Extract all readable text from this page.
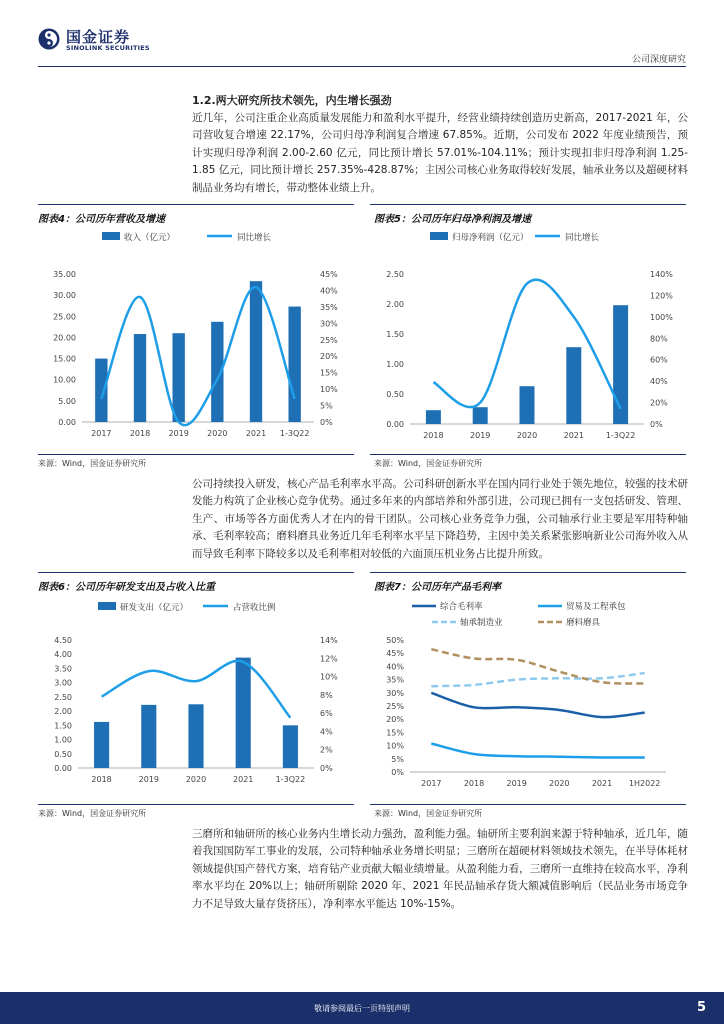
国金证券
SINOLINK SECURITIES
公司深度研究
1.2.两大研究所技术领先，内生增长强劲
近几年，公司注重企业高质量发展能力和盈利水平提升，经营业绩持续创造历史新高，2017-2021 年，公司营收复合增速 22.17%，公司归母净利润复合增速 67.85%。近期，公司发布 2022 年度业绩预告，预计实现归母净利润 2.00-2.60 亿元，同比预计增长 57.01%-104.11%；预计实现扣非归母净利润 1.25-1.85 亿元，同比预计增长 257.35%-428.87%；主因公司核心业务取得较好发展，轴承业务以及超硬材料制品业务均有增长，带动整体业绩上升。
图表4：公司历年营收及增速
收入（亿元）	同比增长
35.00
30.00
25.00
20.00
15.00
10.00
5.00
0.00
45%
40%
35%
30%
25%
20%
15%
10%
5%
0%
2017 2018 2019 2020 2021 1-3Q22
来源：Wind，国金证券研究所
图表5：公司历年归母净利润及增速
归母净利润（亿元）	同比增长
2.50
2.00
1.50
1.00
0.50
0.00
140%
120%
100%
80%
60%
40%
20%
0%
2018	2019	2020	2021	1-3Q22
来源：Wind，国金证券研究所
公司持续投入研发，核心产品毛利率水平高。公司科研创新水平在国内同行业处于领先地位，较强的技术研发能力构筑了企业核心竞争优势。通过多年来的内部培养和外部引进，公司现已拥有一支包括研发、管理、生产、市场等各方面优秀人才在内的骨干团队。公司核心业务竞争力强，公司轴承行业主要是军用特种轴承、毛利率较高；磨料磨具业务近几年毛利率水平呈下降趋势，主因中美关系紧张影响新业公司海外收入从而导致毛利率下降较多以及毛利率相对较低的六面顶压机业务占比提升所致。
图表6：公司历年研发支出及占收入比重
研发支出（亿元）	占营收比例
4.50
4.00
3.50
3.00
2.50
2.00
1.50
1.00
0.50
0.00
14%
12%
10%
8%
6%
4%
2%
0%
2018	2019	2020	2021	1-3Q22
来源：Wind，国金证券研究所
图表7：公司历年产品毛利率
综合毛利率	贸易及工程承包
轴承制造业	磨料磨具
50%
45%
40%
35%
30%
25%
20%
15%
10%
5%
0%
2017	2018	2019	2020	2021 1H2022
来源：Wind，国金证券研究所
三磨所和轴研所的核心业务内生增长动力强劲，盈利能力强。轴研所主要利润来源于特种轴承，近几年，随着我国国防军工事业的发展，公司特种轴承业务增长明显；三磨所在超硬材料领域技术领先，在半导体耗材领域提供国产替代方案，培育钻产业贡献大幅业绩增量。从盈利能力看，三磨所一直维持在较高水平，净利率水平均在 20%以上；轴研所剔除 2020 年、2021 年民品轴承存货大额减值影响后（民品业务市场竞争力不足导致大量存货挤压），净利率水平能达 10%-15%。
敬请参阅最后一页特别声明	5
